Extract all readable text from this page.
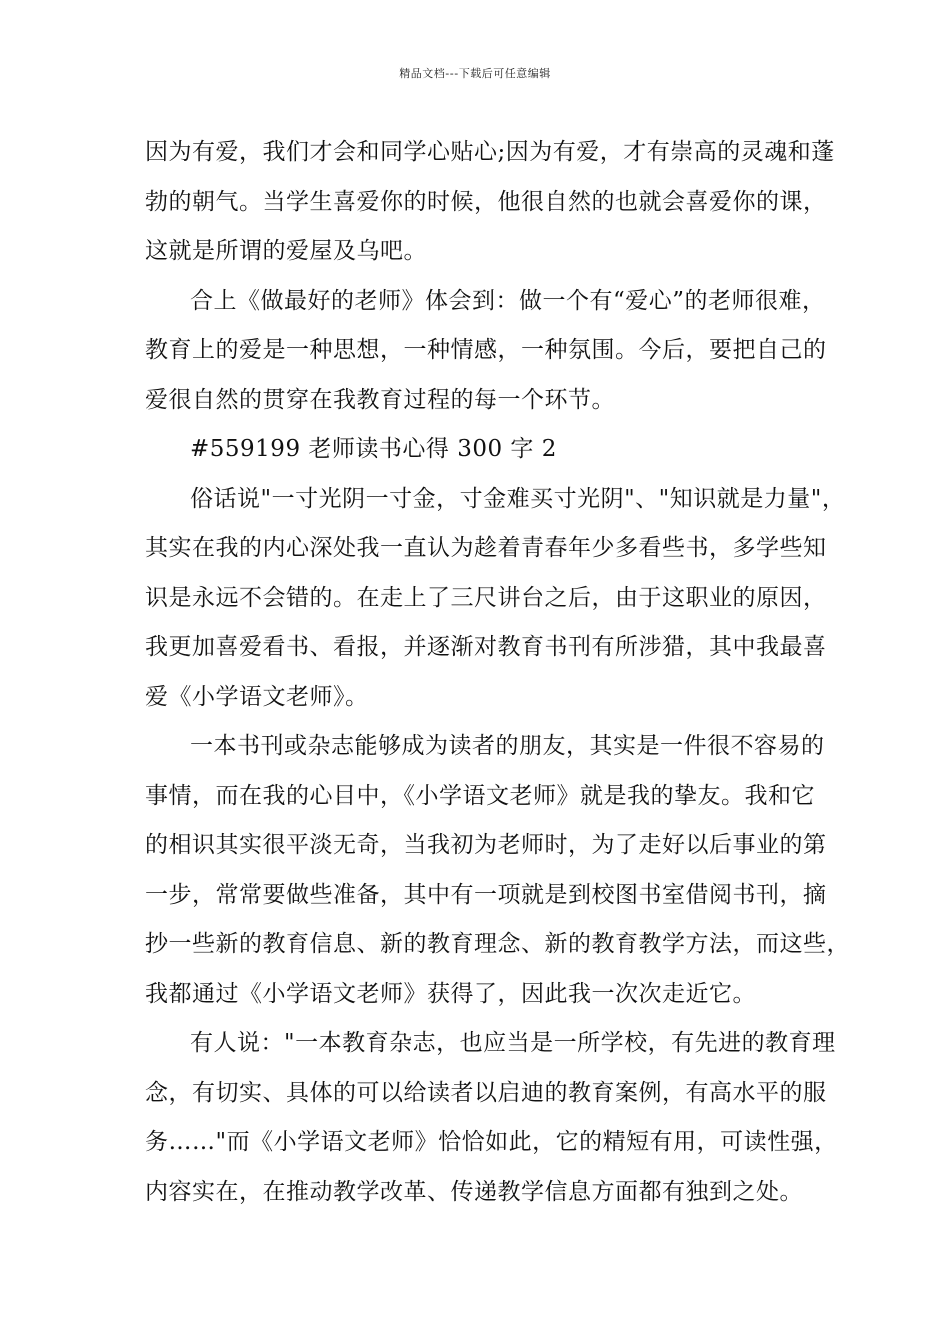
精品文档---下载后可任意编辑
因为有爱，我们才会和同学心贴心;因为有爱，才有崇高的灵魂和蓬
勃的朝气。当学生喜爱你的时候，他很自然的也就会喜爱你的课，
这就是所谓的爱屋及乌吧。
合上《做最好的老师》体会到：做一个有“爱心”的老师很难，
教育上的爱是一种思想，一种情感，一种氛围。今后，要把自己的
爱很自然的贯穿在我教育过程的每一个环节。
#559199 老师读书心得 300 字 2
俗话说"一寸光阴一寸金，寸金难买寸光阴"、"知识就是力量"，
其实在我的内心深处我一直认为趁着青春年少多看些书，多学些知
识是永远不会错的。在走上了三尺讲台之后，由于这职业的原因，
我更加喜爱看书、看报，并逐渐对教育书刊有所涉猎，其中我最喜
爱《小学语文老师》。
一本书刊或杂志能够成为读者的朋友，其实是一件很不容易的
事情，而在我的心目中，《小学语文老师》就是我的挚友。我和它
的相识其实很平淡无奇，当我初为老师时，为了走好以后事业的第
一步，常常要做些准备，其中有一项就是到校图书室借阅书刊，摘
抄一些新的教育信息、新的教育理念、新的教育教学方法，而这些，
我都通过《小学语文老师》获得了，因此我一次次走近它。
有人说："一本教育杂志，也应当是一所学校，有先进的教育理
念，有切实、具体的可以给读者以启迪的教育案例，有高水平的服
务……"而《小学语文老师》恰恰如此，它的精短有用，可读性强，
内容实在，在推动教学改革、传递教学信息方面都有独到之处。
